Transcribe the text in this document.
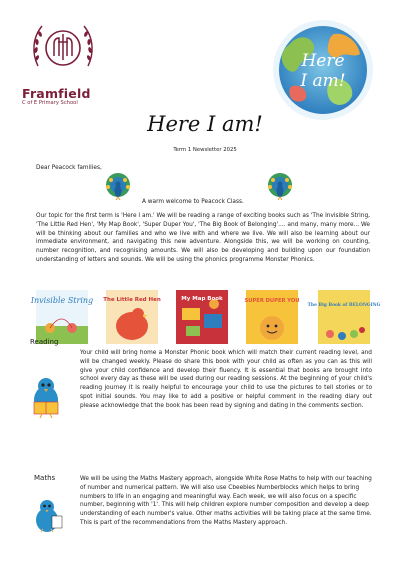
Framfield
C of E Primary School
Here
I am!
Here I am!
Term 1 Newsletter 2025
Dear Peacock families,
A warm welcome to Peacock Class.
Our topic for the first term is 'Here I am.' We will be reading a range of exciting books such as 'The Invisible String, 'The Little Red Hen', 'My Map Book', 'Super Duper You', 'The Big Book of Belonging'.... and many, many more... We will be thinking about our families and who we live with and where we live. We will also be learning about our immediate environment, and navigating this new adventure. Alongside this, we will be working on counting, number recognition, and recognising amounts. We will also be developing and building upon our foundation understanding of letters and sounds. We will be using the phonics programme Monster Phonics.
Invisible String The Little Red Hen	My Map Book	SUPER DUPER YOU
The Big Book of BELONGING
Reading
Your child will bring home a Monster Phonic book which will match their current reading level, and will be changed weekly. Please do share this book with your child as often as you can as this will give your child confidence and develop their fluency. It is essential that books are brought into school every day as these will be used during our reading sessions. At the beginning of your child's reading journey it is really helpful to encourage your child to use the pictures to tell stories or to spot initial sounds. You may like to add a positive or helpful comment in the reading diary out please acknowledge that the book has been read by signing and dating in the comments section.
Maths	We will be using the Maths Mastery approach, alongside White Rose Maths to help with our teaching of number and numerical pattern. We will also use Cbeebies Numberblocks which helps to bring numbers to life in an engaging and meaningful way. Each week, we will also focus on a specific number, beginning with '1'. This will help children explore number composition and develop a deep understanding of each number's value. Other maths activities will be taking place at the same time. This is part of the recommendations from the Maths Mastery approach.
